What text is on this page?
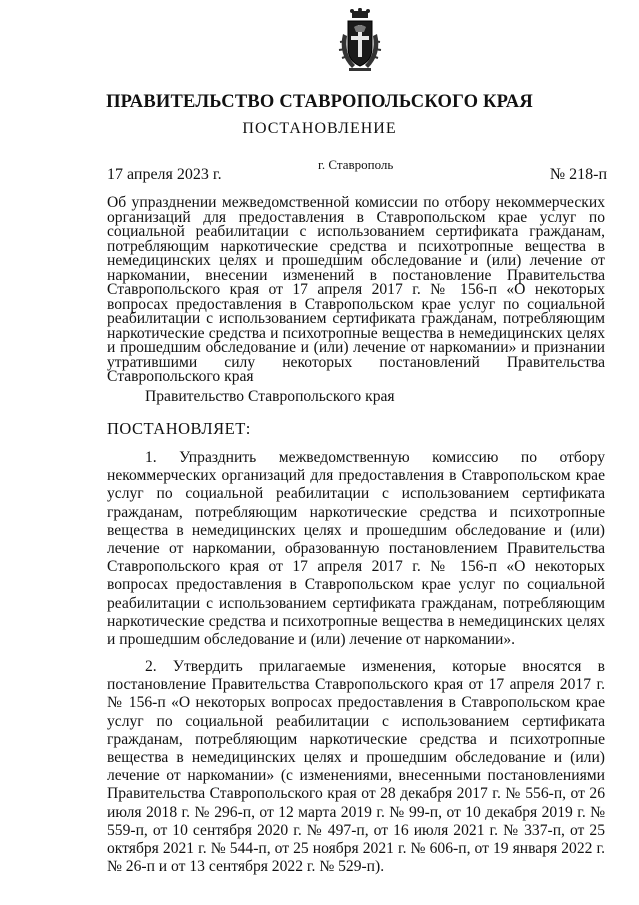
ПРАВИТЕЛЬСТВО СТАВРОПОЛЬСКОГО КРАЯ
ПОСТАНОВЛЕНИЕ
г. Ставрополь
17 апреля 2023 г.	№ 218-п
Об упразднении межведомственной комиссии по отбору некоммерческих организаций для предоставления в Ставропольском крае услуг по социальной реабилитации с использованием сертификата гражданам, потребляющим наркотические средства и психотропные вещества в немедицинских целях и прошедшим обследование и (или) лечение от наркомании, внесении изменений в постановление Правительства Ставропольского края от 17 апреля 2017 г. № 156-п «О некоторых вопросах предоставления в Ставропольском крае услуг по социальной реабилитации с использованием сертификата гражданам, потребляющим наркотические средства и психотропные вещества в немедицинских целях и прошедшим обследование и (или) лечение от наркомании» и признании утратившими силу некоторых постановлений Правительства Ставропольского края
Правительство Ставропольского края
ПОСТАНОВЛЯЕТ:

1. Упразднить межведомственную комиссию по отбору некоммерческих организаций для предоставления в Ставропольском крае услуг по социальной реабилитации с использованием сертификата гражданам, потребляющим наркотические средства и психотропные вещества в немедицинских целях и прошедшим обследование и (или) лечение от наркомании, образованную постановлением Правительства Ставропольского края от 17 апреля 2017 г. № 156-п «О некоторых вопросах предоставления в Ставропольском крае услуг по социальной реабилитации с использованием сертификата гражданам, потребляющим наркотические средства и психотропные вещества в немедицинских целях и прошедшим обследование и (или) лечение от наркомании».

2. Утвердить прилагаемые изменения, которые вносятся в постановление Правительства Ставропольского края от 17 апреля 2017 г. № 156-п «О некоторых вопросах предоставления в Ставропольском крае услуг по социальной реабилитации с использованием сертификата гражданам, потребляющим наркотические средства и психотропные вещества в немедицинских целях и прошедшим обследование и (или) лечение от наркомании» (с изменениями, внесенными постановлениями Правительства Ставропольского края от 28 декабря 2017 г. № 556-п, от 26 июля 2018 г. № 296-п, от 12 марта 2019 г. № 99-п, от 10 декабря 2019 г. № 559-п, от 10 сентября 2020 г. № 497-п, от 16 июля 2021 г. № 337-п, от 25 октября 2021 г. № 544-п, от 25 ноября 2021 г. № 606-п, от 19 января 2022 г. № 26-п и от 13 сентября 2022 г. № 529-п).
